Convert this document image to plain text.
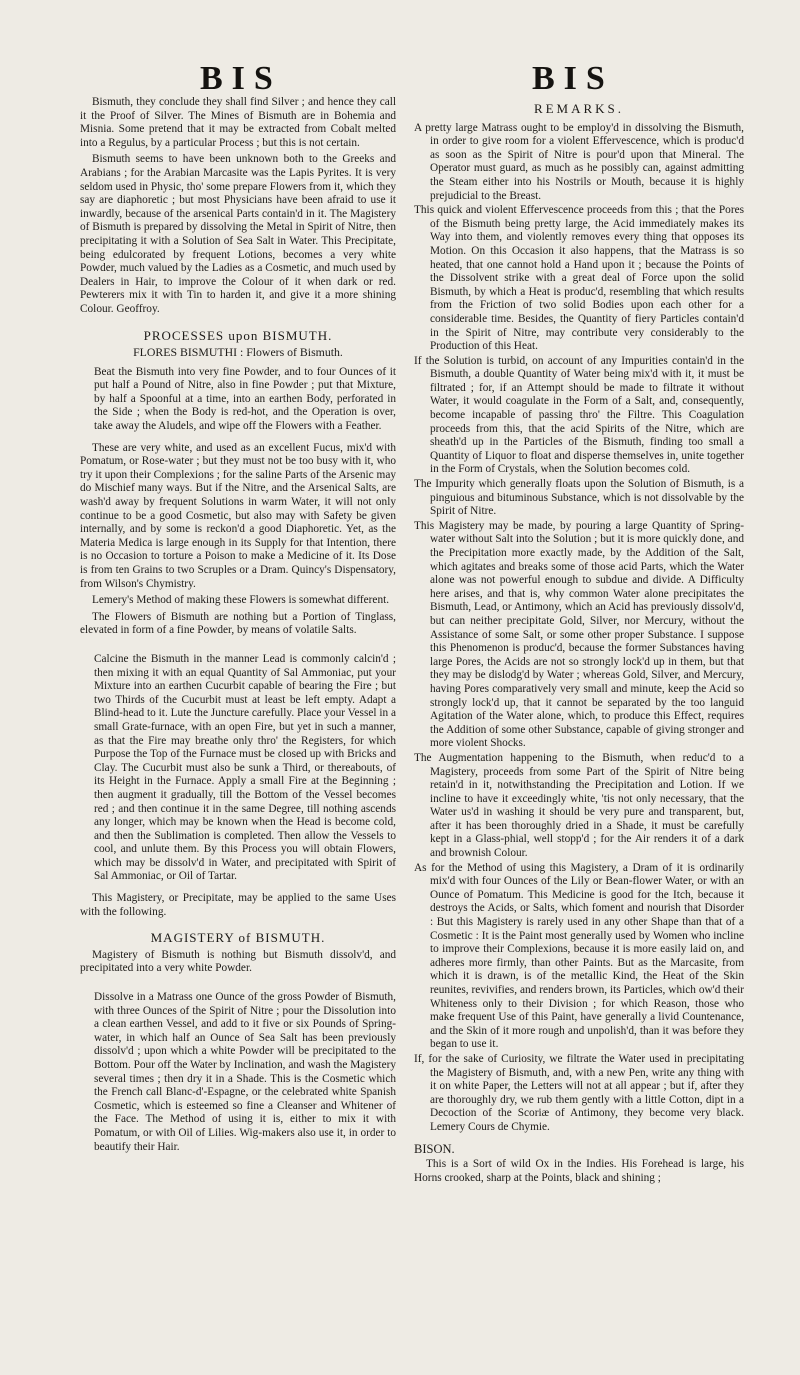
BIS	BIS

Bismuth, they conclude they shall find Silver ; and hence they call it the Proof of Silver. The Mines of Bismuth are in Bohemia and Misnia. Some pretend that it may be extracted from Cobalt melted into a Regulus, by a particular Process ; but this is not certain.

Bismuth seems to have been unknown both to the Greeks and Arabians ; for the Arabian Marcasite was the Lapis Pyrites. It is very seldom used in Physic, tho' some prepare Flowers from it, which they say are diaphoretic ; but most Physicians have been afraid to use it inwardly, because of the arsenical Parts contain'd in it. The Magistery of Bismuth is prepared by dissolving the Metal in Spirit of Nitre, then precipitating it with a Solution of Sea Salt in Water. This Precipitate, being edulcorated by frequent Lotions, becomes a very white Powder, much valued by the Ladies as a Cosmetic, and much used by Dealers in Hair, to improve the Colour of it when dark or red. Pewterers mix it with Tin to harden it, and give it a more shining Colour. Geoffroy.

PROCESSES upon BISMUTH.
FLORES BISMUTHI : Flowers of Bismuth.

Beat the Bismuth into very fine Powder, and to four Ounces of it put half a Pound of Nitre, also in fine Powder ; put that Mixture, by half a Spoonful at a time, into an earthen Body, perforated in the Side ; when the Body is red-hot, and the Operation is over, take away the Aludels, and wipe off the Flowers with a Feather.

These are very white, and used as an excellent Fucus, mix'd with Pomatum, or Rose-water ; but they must not be too busy with it, who try it upon their Complexions ; for the saline Parts of the Arsenic may do Mischief many ways. But if the Nitre, and the Arsenical Salts, are wash'd away by frequent Solutions in warm Water, it will not only continue to be a good Cosmetic, but also may with Safety be given internally, and by some is reckon'd a good Diaphoretic. Yet, as the Materia Medica is large enough in its Supply for that Intention, there is no Occasion to torture a Poison to make a Medicine of it. Its Dose is from ten Grains to two Scruples or a Dram. Quincy's Dispensatory, from Wilson's Chymistry.

Lemery's Method of making these Flowers is somewhat different.

The Flowers of Bismuth are nothing but a Portion of Tinglass, elevated in form of a fine Powder, by means of volatile Salts.

Calcine the Bismuth in the manner Lead is commonly calcin'd ; then mixing it with an equal Quantity of Sal Ammoniac, put your Mixture into an earthen Cucurbit capable of bearing the Fire ; but two Thirds of the Cucurbit must at least be left empty. Adapt a Blind-head to it. Lute the Juncture carefully. Place your Vessel in a small Grate-furnace, with an open Fire, but yet in such a manner, as that the Fire may breathe only thro' the Registers, for which Purpose the Top of the Furnace must be closed up with Bricks and Clay. The Cucurbit must also be sunk a Third, or thereabouts, of its Height in the Furnace. Apply a small Fire at the Beginning ; then augment it gradually, till the Bottom of the Vessel becomes red ; and then continue it in the same Degree, till nothing ascends any longer, which may be known when the Head is become cold, and then the Sublimation is completed. Then allow the Vessels to cool, and unlute them. By this Process you will obtain Flowers, which may be dissolv'd in Water, and precipitated with Spirit of Sal Ammoniac, or Oil of Tartar.

This Magistery, or Precipitate, may be applied to the same Uses with the following.

MAGISTERY of BISMUTH.

Magistery of Bismuth is nothing but Bismuth dissolv'd, and precipitated into a very white Powder.

Dissolve in a Matrass one Ounce of the gross Powder of Bismuth, with three Ounces of the Spirit of Nitre ; pour the Dissolution into a clean earthen Vessel, and add to it five or six Pounds of Spring-water, in which half an Ounce of Sea Salt has been previously dissolv'd ; upon which a white Powder will be precipitated to the Bottom. Pour off the Water by Inclination, and wash the Magistery several times ; then dry it in a Shade. This is the Cosmetic which the French call Blanc-d'-Espagne, or the celebrated white Spanish Cosmetic, which is esteemed so fine a Cleanser and Whitener of the Face. The Method of using it is, either to mix it with Pomatum, or with Oil of Lilies. Wig-makers also use it, in order to beautify their Hair.

REMARKS.

A pretty large Matrass ought to be employ'd in dissolving the Bismuth, in order to give room for a violent Effervescence, which is produc'd as soon as the Spirit of Nitre is pour'd upon that Mineral. The Operator must guard, as much as he possibly can, against admitting the Steam either into his Nostrils or Mouth, because it is highly prejudicial to the Breast.

This quick and violent Effervescence proceeds from this ; that the Pores of the Bismuth being pretty large, the Acid immediately makes its Way into them, and violently removes every thing that opposes its Motion. On this Occasion it also happens, that the Matrass is so heated, that one cannot hold a Hand upon it ; because the Points of the Dissolvent strike with a great deal of Force upon the solid Bismuth, by which a Heat is produc'd, resembling that which results from the Friction of two solid Bodies upon each other for a considerable time. Besides, the Quantity of fiery Particles contain'd in the Spirit of Nitre, may contribute very considerably to the Production of this Heat.

If the Solution is turbid, on account of any Impurities contain'd in the Bismuth, a double Quantity of Water being mix'd with it, it must be filtrated ; for, if an Attempt should be made to filtrate it without Water, it would coagulate in the Form of a Salt, and, consequently, become incapable of passing thro' the Filtre. This Coagulation proceeds from this, that the acid Spirits of the Nitre, which are sheath'd up in the Particles of the Bismuth, finding too small a Quantity of Liquor to float and disperse themselves in, unite together in the Form of Crystals, when the Solution becomes cold.

The Impurity which generally floats upon the Solution of Bismuth, is a pinguious and bituminous Substance, which is not dissolvable by the Spirit of Nitre.

This Magistery may be made, by pouring a large Quantity of Spring-water without Salt into the Solution ; but it is more quickly done, and the Precipitation more exactly made, by the Addition of the Salt, which agitates and breaks some of those acid Parts, which the Water alone was not powerful enough to subdue and divide. A Difficulty here arises, and that is, why common Water alone precipitates the Bismuth, Lead, or Antimony, which an Acid has previously dissolv'd, but can neither precipitate Gold, Silver, nor Mercury, without the Assistance of some Salt, or some other proper Substance. I suppose this Phenomenon is produc'd, because the former Substances having large Pores, the Acids are not so strongly lock'd up in them, but that they may be dislodg'd by Water ; whereas Gold, Silver, and Mercury, having Pores comparatively very small and minute, keep the Acid so strongly lock'd up, that it cannot be separated by the too languid Agitation of the Water alone, which, to produce this Effect, requires the Addition of some other Substance, capable of giving stronger and more violent Shocks.

The Augmentation happening to the Bismuth, when reduc'd to a Magistery, proceeds from some Part of the Spirit of Nitre being retain'd in it, notwithstanding the Precipitation and Lotion. If we incline to have it exceedingly white, 'tis not only necessary, that the Water us'd in washing it should be very pure and transparent, but, after it has been thoroughly dried in a Shade, it must be carefully kept in a Glass-phial, well stopp'd ; for the Air renders it of a dark and brownish Colour.

As for the Method of using this Magistery, a Dram of it is ordinarily mix'd with four Ounces of the Lily or Bean-flower Water, or with an Ounce of Pomatum. This Medicine is good for the Itch, because it destroys the Acids, or Salts, which foment and nourish that Disorder : But this Magistery is rarely used in any other Shape than that of a Cosmetic : It is the Paint most generally used by Women who incline to improve their Complexions, because it is more easily laid on, and adheres more firmly, than other Paints. But as the Marcasite, from which it is drawn, is of the metallic Kind, the Heat of the Skin reunites, revivifies, and renders brown, its Particles, which ow'd their Whiteness only to their Division ; for which Reason, those who make frequent Use of this Paint, have generally a livid Countenance, and the Skin of it more rough and unpolish'd, than it was before they began to use it.

If, for the sake of Curiosity, we filtrate the Water used in precipitating the Magistery of Bismuth, and, with a new Pen, write any thing with it on white Paper, the Letters will not at all appear ; but if, after they are thoroughly dry, we rub them gently with a little Cotton, dipt in a Decoction of the Scoriæ of Antimony, they become very black. Lemery Cours de Chymie.

BISON.

This is a Sort of wild Ox in the Indies. His Forehead is large, his Horns crooked, sharp at the Points, black and shining ;
